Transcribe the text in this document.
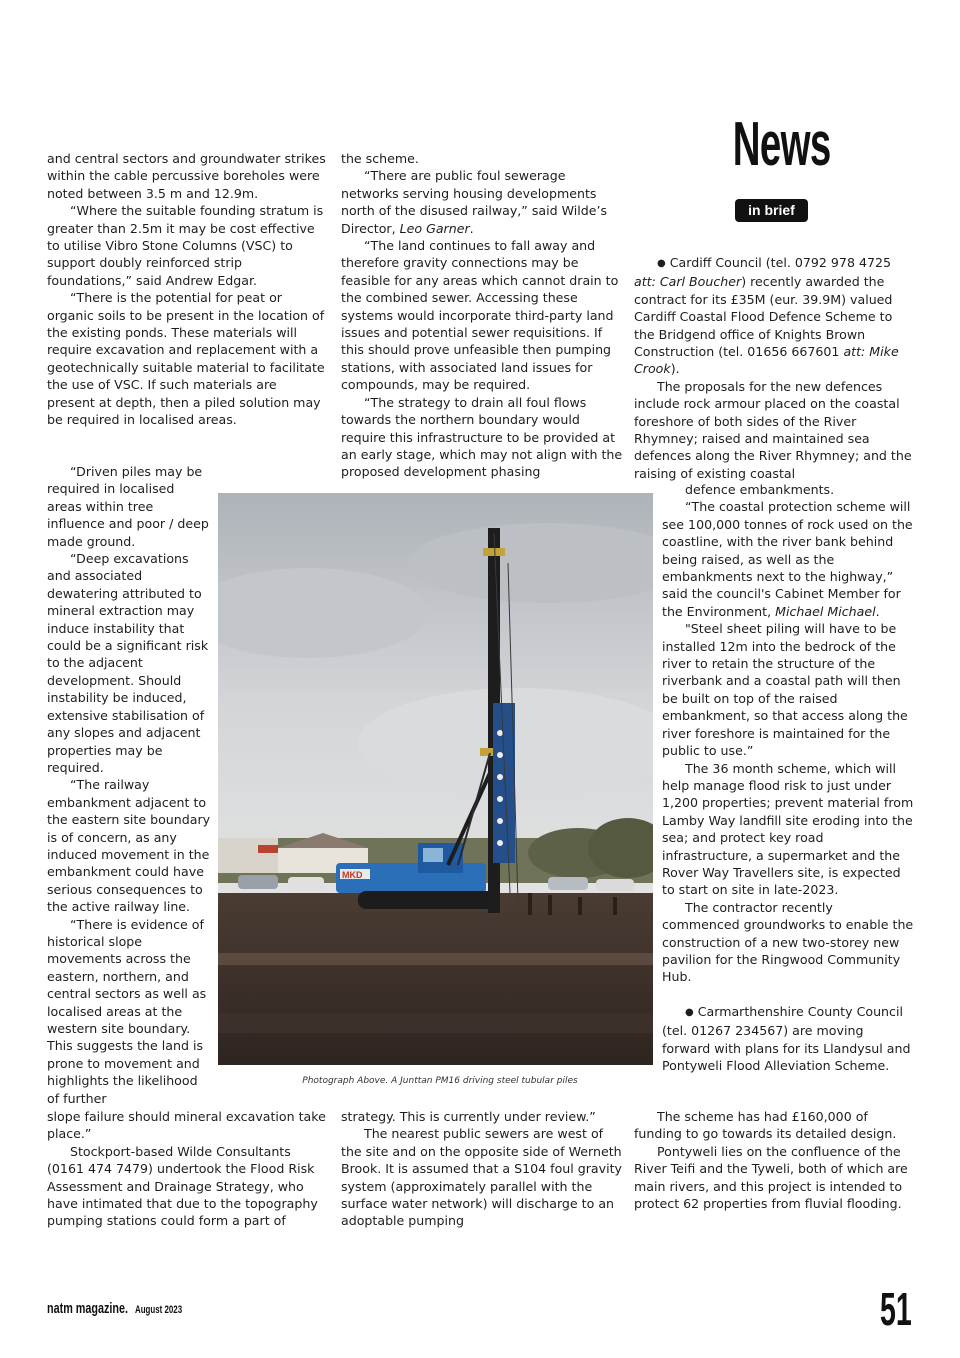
News
in brief

and central sectors and groundwater strikes within the cable percussive boreholes were noted between 3.5 m and 12.9m.

“Where the suitable founding stratum is greater than 2.5m it may be cost effective to utilise Vibro Stone Columns (VSC) to support doubly reinforced strip foundations,” said Andrew Edgar.

“There is the potential for peat or organic soils to be present in the location of the existing ponds. These materials will require excavation and replacement with a geotechnically suitable material to facilitate the use of VSC. If such materials are present at depth, then a piled solution may be required in localised areas.

“Driven piles may be required in localised areas within tree influence and poor / deep made ground.

“Deep excavations and associated dewatering attributed to mineral extraction may induce instability that could be a significant risk to the adjacent development. Should instability be induced, extensive stabilisation of any slopes and adjacent properties may be required.

“The railway embankment adjacent to the eastern site boundary is of concern, as any induced movement in the embankment could have serious consequences to the active railway line.

“There is evidence of historical slope movements across the eastern, northern, and central sectors as well as localised areas at the western site boundary. This suggests the land is prone to movement and highlights the likelihood of further

slope failure should mineral excavation take place.”

Stockport-based Wilde Consultants (0161 474 7479) undertook the Flood Risk Assessment and Drainage Strategy, who have intimated that due to the topography pumping stations could form a part of

the scheme.

“There are public foul sewerage networks serving housing developments north of the disused railway,” said Wilde’s Director, Leo Garner.

“The land continues to fall away and therefore gravity connections may be feasible for any areas which cannot drain to the combined sewer. Accessing these systems would incorporate third-party land issues and potential sewer requisitions. If this should prove unfeasible then pumping stations, with associated land issues for compounds, may be required.

“The strategy to drain all foul flows towards the northern boundary would require this infrastructure to be provided at an early stage, which may not align with the proposed development phasing

strategy. This is currently under review.”

The nearest public sewers are west of the site and on the opposite side of Werneth Brook. It is assumed that a S104 foul gravity system (approximately parallel with the surface water network) will discharge to an adoptable pumping

● Cardiff Council (tel. 0792 978 4725 att: Carl Boucher) recently awarded the contract for its £35M (eur. 39.9M) valued Cardiff Coastal Flood Defence Scheme to the Bridgend office of Knights Brown Construction (tel. 01656 667601 att: Mike Crook).

The proposals for the new defences include rock armour placed on the coastal foreshore of both sides of the River Rhymney; raised and maintained sea defences along the River Rhymney; and the raising of existing coastal

defence embankments.

“The coastal protection scheme will see 100,000 tonnes of rock used on the coastline, with the river bank behind being raised, as well as the embankments next to the highway,” said the council's Cabinet Member for the Environment, Michael Michael.

"Steel sheet piling will have to be installed 12m into the bedrock of the river to retain the structure of the riverbank and a coastal path will then be built on top of the raised embankment, so that access along the river foreshore is maintained for the public to use.”

The 36 month scheme, which will help manage flood risk to just under 1,200 properties; prevent material from Lamby Way landfill site eroding into the sea; and protect key road infrastructure, a supermarket and the Rover Way Travellers site, is expected to start on site in late-2023.

The contractor recently commenced groundworks to enable the construction of a new two-storey new pavilion for the Ringwood Community Hub.

● Carmarthenshire County Council (tel. 01267 234567) are moving forward with plans for its Llandysul and Pontyweli Flood Alleviation Scheme.

The scheme has had £160,000 of funding to go towards its detailed design.

Pontyweli lies on the confluence of the River Teifi and the Tyweli, both of which are main rivers, and this project is intended to protect 62 properties from fluvial flooding.

MKD
Photograph Above. A Junttan PM16 driving steel tubular piles
natm magazine. August 2023	51
